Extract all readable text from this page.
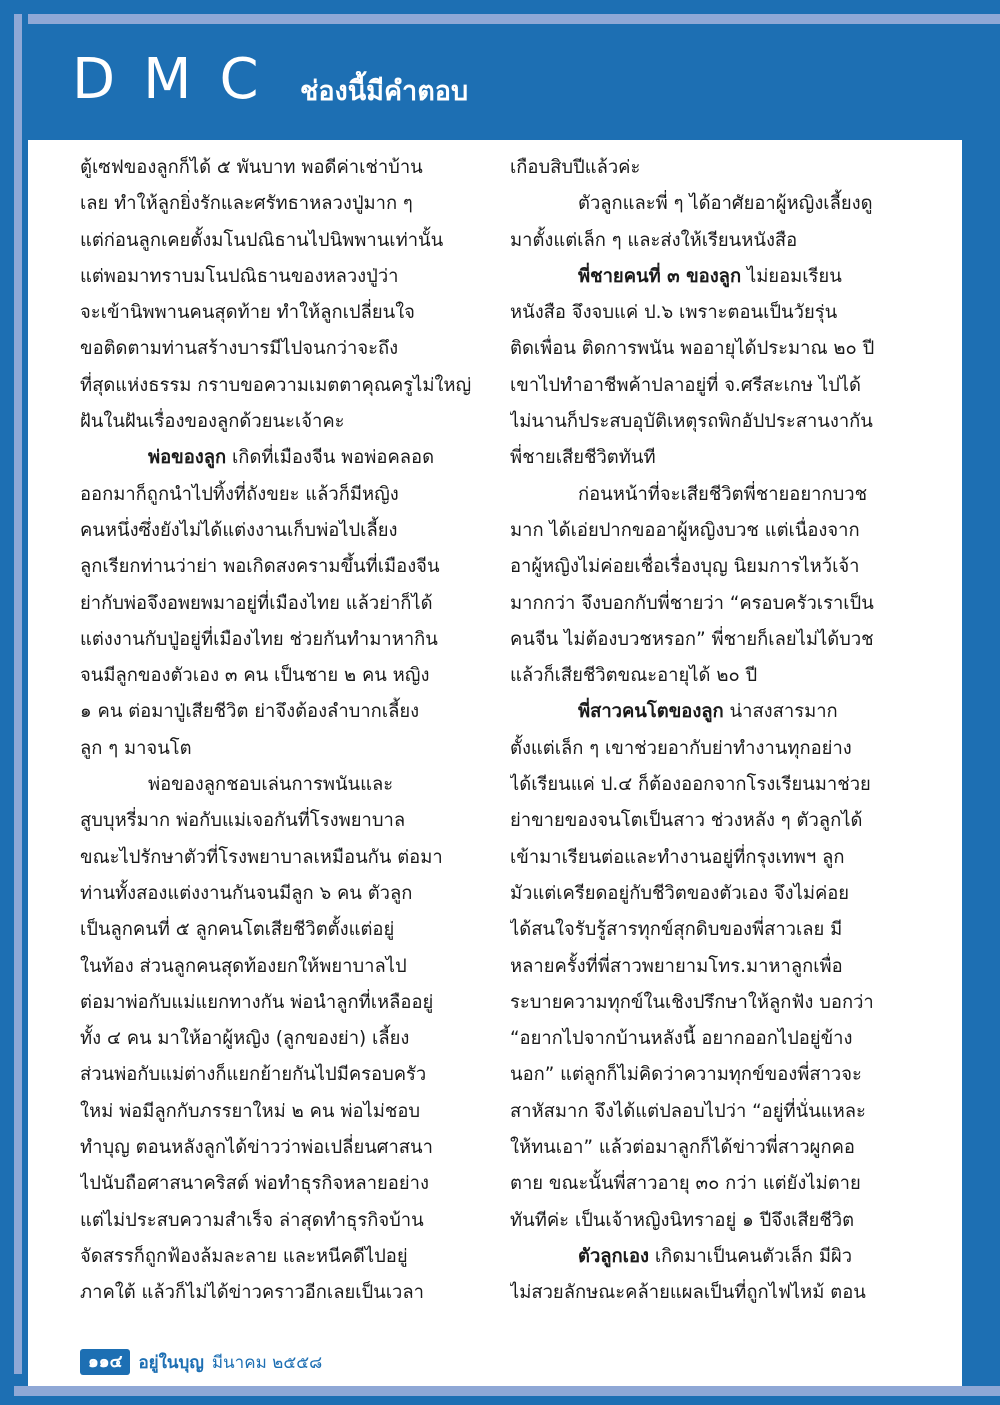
DMC ช่องนี้มีคำตอบ
ตู้เซฟของลูกก็ได้ ๕ พันบาท พอดีค่าเช่าบ้าน
เลย ทำให้ลูกยิ่งรักและศรัทธาหลวงปู่มาก ๆ
แต่ก่อนลูกเคยตั้งมโนปณิธานไปนิพพานเท่านั้น
แต่พอมาทราบมโนปณิธานของหลวงปู่ว่า
จะเข้านิพพานคนสุดท้าย ทำให้ลูกเปลี่ยนใจ
ขอติดตามท่านสร้างบารมีไปจนกว่าจะถึง
ที่สุดแห่งธรรม กราบขอความเมตตาคุณครูไม่ใหญ่
ฝันในฝันเรื่องของลูกด้วยนะเจ้าคะ
พ่อของลูก เกิดที่เมืองจีน พอพ่อคลอด
ออกมาก็ถูกนำไปทิ้งที่ถังขยะ แล้วก็มีหญิง
คนหนึ่งซึ่งยังไม่ได้แต่งงานเก็บพ่อไปเลี้ยง
ลูกเรียกท่านว่าย่า พอเกิดสงครามขึ้นที่เมืองจีน
ย่ากับพ่อจึงอพยพมาอยู่ที่เมืองไทย แล้วย่าก็ได้
แต่งงานกับปู่อยู่ที่เมืองไทย ช่วยกันทำมาหากิน
จนมีลูกของตัวเอง ๓ คน เป็นชาย ๒ คน หญิง
๑ คน ต่อมาปู่เสียชีวิต ย่าจึงต้องลำบากเลี้ยง
ลูก ๆ มาจนโต
พ่อของลูกชอบเล่นการพนันและ
สูบบุหรี่มาก พ่อกับแม่เจอกันที่โรงพยาบาล
ขณะไปรักษาตัวที่โรงพยาบาลเหมือนกัน ต่อมา
ท่านทั้งสองแต่งงานกันจนมีลูก ๖ คน ตัวลูก
เป็นลูกคนที่ ๕ ลูกคนโตเสียชีวิตตั้งแต่อยู่
ในท้อง ส่วนลูกคนสุดท้องยกให้พยาบาลไป
ต่อมาพ่อกับแม่แยกทางกัน พ่อนำลูกที่เหลืออยู่
ทั้ง ๔ คน มาให้อาผู้หญิง (ลูกของย่า) เลี้ยง
ส่วนพ่อกับแม่ต่างก็แยกย้ายกันไปมีครอบครัว
ใหม่ พ่อมีลูกกับภรรยาใหม่ ๒ คน พ่อไม่ชอบ
ทำบุญ ตอนหลังลูกได้ข่าวว่าพ่อเปลี่ยนศาสนา
ไปนับถือศาสนาคริสต์ พ่อทำธุรกิจหลายอย่าง
แต่ไม่ประสบความสำเร็จ ล่าสุดทำธุรกิจบ้าน
จัดสรรก็ถูกฟ้องล้มละลาย และหนีคดีไปอยู่
ภาคใต้ แล้วก็ไม่ได้ข่าวคราวอีกเลยเป็นเวลา
เกือบสิบปีแล้วค่ะ
ตัวลูกและพี่ ๆ ได้อาศัยอาผู้หญิงเลี้ยงดู
มาตั้งแต่เล็ก ๆ และส่งให้เรียนหนังสือ
พี่ชายคนที่ ๓ ของลูก ไม่ยอมเรียน
หนังสือ จึงจบแค่ ป.๖ เพราะตอนเป็นวัยรุ่น
ติดเพื่อน ติดการพนัน พออายุได้ประมาณ ๒๐ ปี
เขาไปทำอาชีพค้าปลาอยู่ที่ จ.ศรีสะเกษ ไปได้
ไม่นานก็ประสบอุบัติเหตุรถพิกอัปประสานงากัน
พี่ชายเสียชีวิตทันที
ก่อนหน้าที่จะเสียชีวิตพี่ชายอยากบวช
มาก ได้เอ่ยปากขออาผู้หญิงบวช แต่เนื่องจาก
อาผู้หญิงไม่ค่อยเชื่อเรื่องบุญ นิยมการไหว้เจ้า
มากกว่า จึงบอกกับพี่ชายว่า “ครอบครัวเราเป็น
คนจีน ไม่ต้องบวชหรอก” พี่ชายก็เลยไม่ได้บวช
แล้วก็เสียชีวิตขณะอายุได้ ๒๐ ปี
พี่สาวคนโตของลูก น่าสงสารมาก
ตั้งแต่เล็ก ๆ เขาช่วยอากับย่าทำงานทุกอย่าง
ได้เรียนแค่ ป.๔ ก็ต้องออกจากโรงเรียนมาช่วย
ย่าขายของจนโตเป็นสาว ช่วงหลัง ๆ ตัวลูกได้
เข้ามาเรียนต่อและทำงานอยู่ที่กรุงเทพฯ ลูก
มัวแต่เครียดอยู่กับชีวิตของตัวเอง จึงไม่ค่อย
ได้สนใจรับรู้สารทุกข์สุกดิบของพี่สาวเลย มี
หลายครั้งที่พี่สาวพยายามโทร.มาหาลูกเพื่อ
ระบายความทุกข์ในเชิงปรึกษาให้ลูกฟัง บอกว่า
“อยากไปจากบ้านหลังนี้ อยากออกไปอยู่ข้าง
นอก” แต่ลูกก็ไม่คิดว่าความทุกข์ของพี่สาวจะ
สาหัสมาก จึงได้แต่ปลอบไปว่า “อยู่ที่นั่นแหละ
ให้ทนเอา” แล้วต่อมาลูกก็ได้ข่าวพี่สาวผูกคอ
ตาย ขณะนั้นพี่สาวอายุ ๓๐ กว่า แต่ยังไม่ตาย
ทันทีค่ะ เป็นเจ้าหญิงนิทราอยู่ ๑ ปีจึงเสียชีวิต
ตัวลูกเอง เกิดมาเป็นคนตัวเล็ก มีผิว
ไม่สวยลักษณะคล้ายแผลเป็นที่ถูกไฟไหม้ ตอน
๑๑๔ อยู่ในบุญ มีนาคม ๒๕๕๘
